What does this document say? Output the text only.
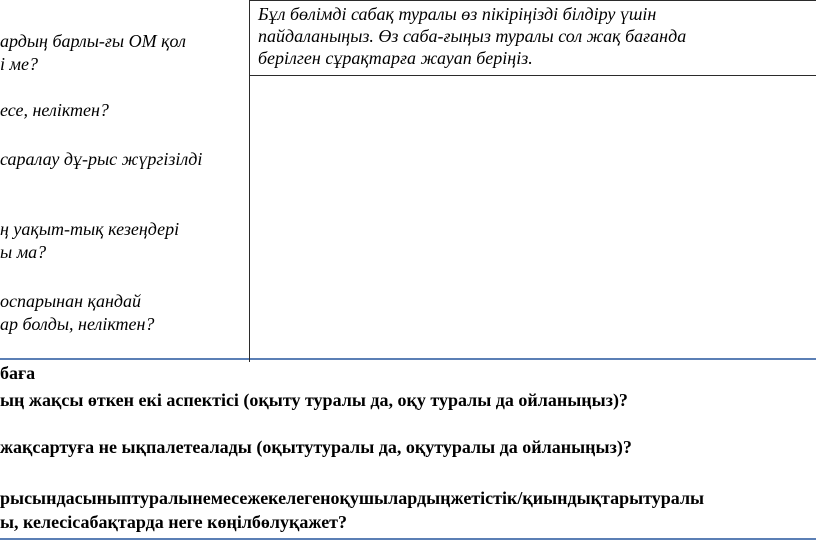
ардың барлы-ғы ОМ қол
і ме?
есе, неліктен?
саралау дұ-рыс жүргізілді
ң уақыт-тық кезеңдері
ы ма?
оспарынан қандай
ар болды, неліктен?
Бұл бөлімді сабақ туралы өз пікіріңізді білдіру үшін
пайдаланыңыз. Өз саба-ғыңыз туралы сол жақ бағанда
берілген сұрақтарға жауап беріңіз.
бағa
ың жақсы өткен екі аспектісі (оқыту туралы да, оқу туралы да ойланыңыз)?
жақсартуға не ықпалетеалады (оқытутуралы да, оқутуралы да ойланыңыз)?
рысындасыныптуралынемесежекелегеноқушылардыңжетістік/қиындықтарытуралы
ы, келесісабақтарда неге көңілбөлуқажет?
